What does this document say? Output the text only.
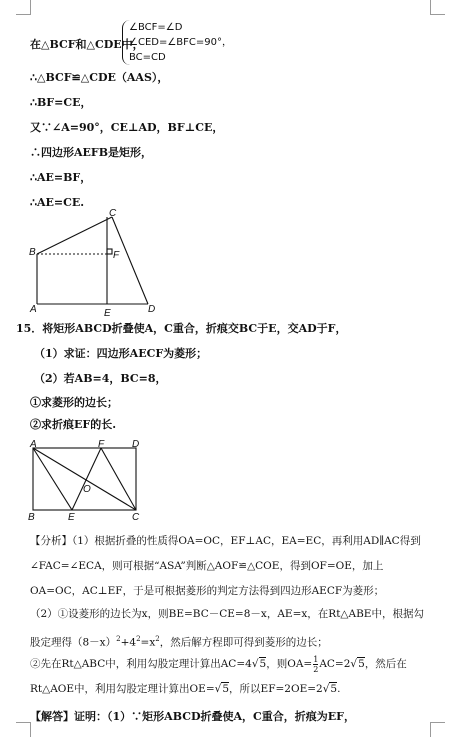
在△BCF和△CDE中，
∠BCF=∠D
∠CED=∠BFC=90°，
BC=CD
∴△BCF≌△CDE（AAS），
∴BF=CE，
又∵∠A=90°，CE⊥AD，BF⊥CE，
∴四边形AEFB是矩形，
∴AE=BF，
∴AE=CE.
C
B	F
A	E	D
15．将矩形ABCD折叠使A，C重合，折痕交BC于E，交AD于F，
（1）求证：四边形AECF为菱形；
（2）若AB=4，BC=8，
①求菱形的边长；
②求折痕EF的长.
A	F	D
O
B	E	C
【分析】（1）根据折叠的性质得OA=OC，EF⊥AC，EA=EC，再利用AD∥AC得到∠FAC=∠ECA，则可根据“ASA”判断△AOF≌△COE，得到OF=OE，加上OA=OC，AC⊥EF，于是可根据菱形的判定方法得到四边形AECF为菱形；
（2）①设菱形的边长为x，则BE=BC－CE=8－x，AE=x，在Rt△ABE中，根据勾股定理得$(8-x)^2+4^2=x^2$，然后解方程即可得到菱形的边长；
②先在Rt△ABC中，利用勾股定理计算出AC=4√5，则$OA= \frac{1}{2} AC=2√5$，然后在Rt△AOE中，利用勾股定理计算出OE=√5，所以EF=2OE=2√5.
【解答】证明：（1）∵矩形ABCD折叠使A，C重合，折痕为EF，
